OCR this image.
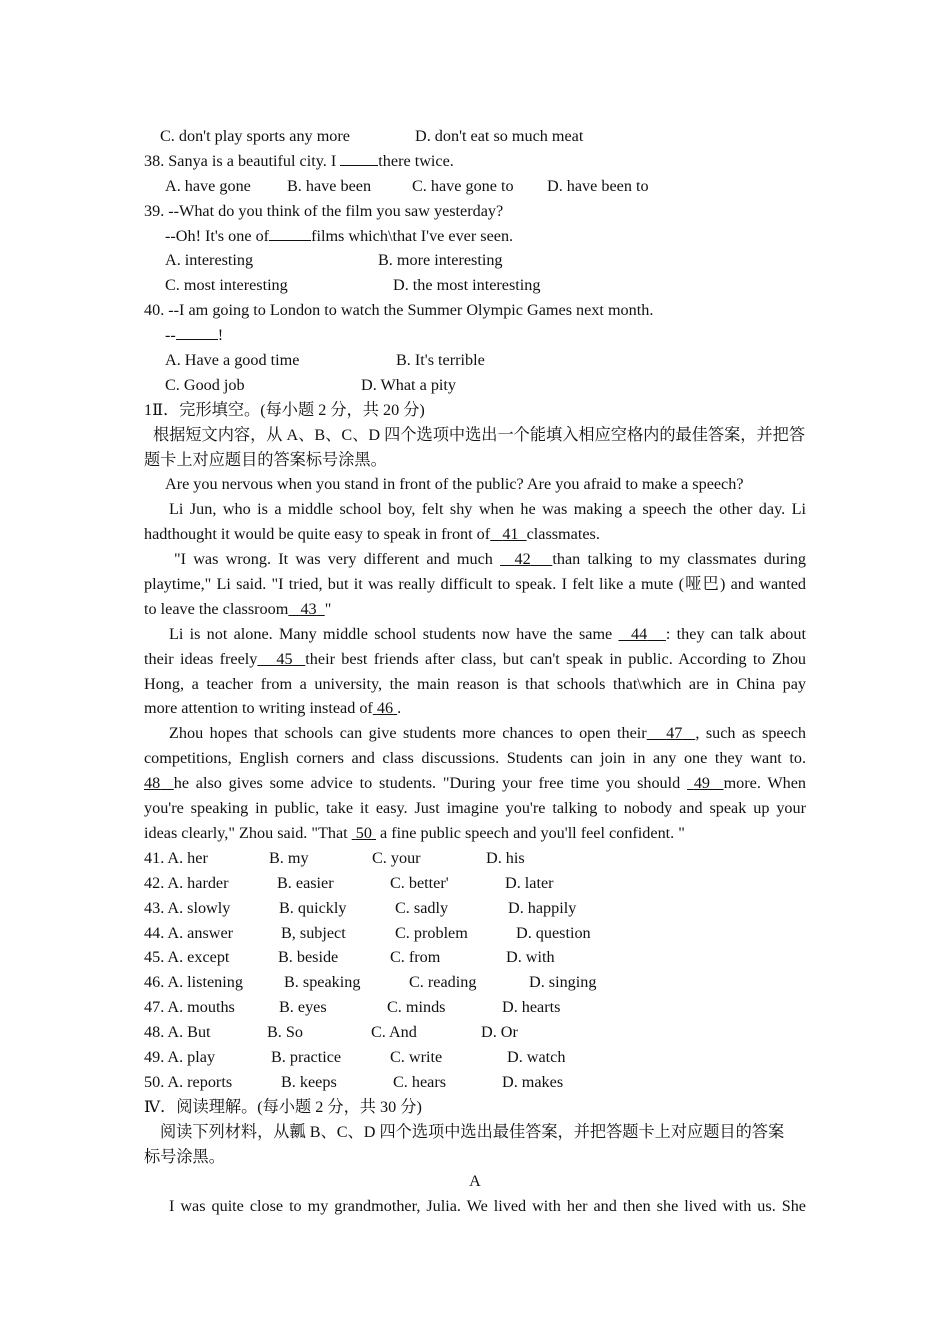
C. don't play sports any more	D. don't eat so much meat
38. Sanya is a beautiful city. I there twice.
A. have gone B. have been	C. have gone to D. have been to
39. --What do you think of the film you saw yesterday?
--Oh! It's one of	films which\that I've ever seen.
A. interesting	B. more interesting
C. most interesting	D. the most interesting
40. --I am going to London to watch the Summer Olympic Games next month.
--	!
A. Have a good time	B. It's terrible
C. Good job	D. What a pity
1Ⅱ．完形填空。(每小题 2 分，共 20 分)
根据短文内容，从 A、B、C、D 四个选项中选出一个能填入相应空格内的最佳答案，并把答
题卡上对应题目的答案标号涂黑。
Are you nervous when you stand in front of the public? Are you afraid to make a speech?
Li Jun, who is a middle school boy, felt shy when he was making a speech the other day. Li
hadthought it would be quite easy to speak in front of 41 classmates.
"I was wrong. It was very different and much 42 than talking to my classmates during
playtime," Li said. "I tried, but it was really difficult to speak. I felt like a mute (哑巴) and wanted
to leave the classroom 43 "
Li is not alone. Many middle school students now have the same 44 : they can talk about
their ideas freely 45 their best friends after class, but can't speak in public. According to Zhou
Hong, a teacher from a university, the main reason is that schools that\which are in China pay
more attention to writing instead of 46 .
Zhou hopes that schools can give students more chances to open their 47 , such as speech
competitions, English corners and class discussions. Students can join in any one they want to.
48 he also gives some advice to students. "During your free time you should 49 more. When
you're speaking in public, take it easy. Just imagine you're talking to nobody and speak up your
ideas clearly," Zhou said. "That 50 a fine public speech and you'll feel confident. "
41. A. her	B. my	C. your	D. his
42. A. harder	B. easier	C. better'	D. later
43. A. slowly	B. quickly	C. sadly	D. happily
44. A. answer	B, subject	C. problem	D. question
45. A. except	B. beside	C. from	D. with
46. A. listening	B. speaking	C. reading	D. singing
47. A. mouths	B. eyes	C. minds	D. hearts
48. A. But	B. So	C. And	D. Or
49. A. play	B. practice	C. write	D. watch
50. A. reports	B. keeps	C. hears	D. makes
Ⅳ．阅读理解。(每小题 2 分，共 30 分)
阅读下列材料，从瓤 B、C、D 四个选项中选出最佳答案，并把答题卡上对应题目的答案
标号涂黑。
A
I was quite close to my grandmother, Julia. We lived with her and then she lived with us. She
